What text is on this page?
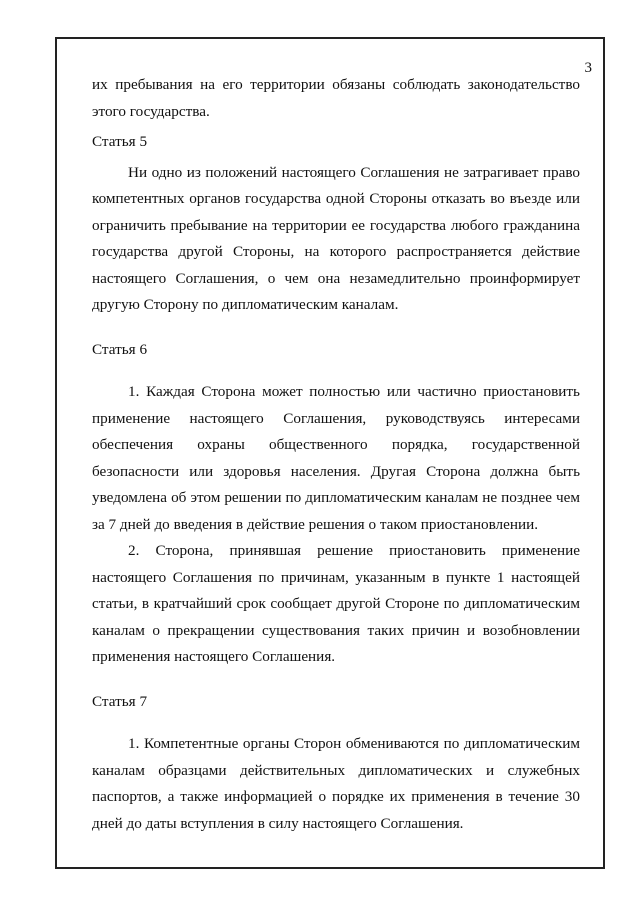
3

их пребывания на его территории обязаны соблюдать законодательство этого государства.

Статья 5

Ни одно из положений настоящего Соглашения не затрагивает право компетентных органов государства одной Стороны отказать во въезде или ограничить пребывание на территории ее государства любого гражданина государства другой Стороны, на которого распространяется действие настоящего Соглашения, о чем она незамедлительно проинформирует другую Сторону по дипломатическим каналам.

Статья 6

1. Каждая Сторона может полностью или частично приостановить применение настоящего Соглашения, руководствуясь интересами обеспечения охраны общественного порядка, государственной безопасности или здоровья населения. Другая Сторона должна быть уведомлена об этом решении по дипломатическим каналам не позднее чем за 7 дней до введения в действие решения о таком приостановлении.

2. Сторона, принявшая решение приостановить применение настоящего Соглашения по причинам, указанным в пункте 1 настоящей статьи, в кратчайший срок сообщает другой Стороне по дипломатическим каналам о прекращении существования таких причин и возобновлении применения настоящего Соглашения.

Статья 7

1. Компетентные органы Сторон обмениваются по дипломатическим каналам образцами действительных дипломатических и служебных паспортов, а также информацией о порядке их применения в течение 30 дней до даты вступления в силу настоящего Соглашения.
